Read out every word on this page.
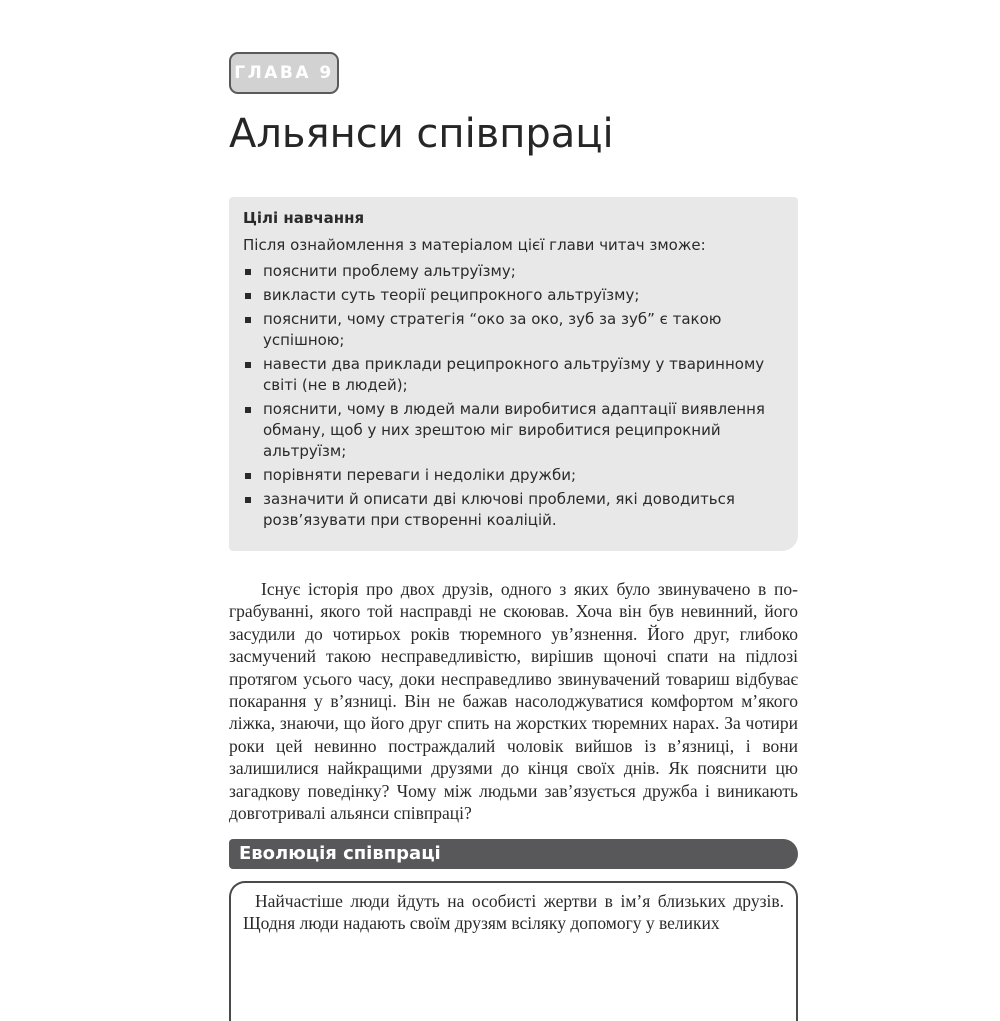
ГЛАВА 9
Альянси співпраці
Цілі навчання

Після ознайомлення з матеріалом цієї глави читач зможе:

пояснити проблему альтруїзму;
викласти суть теорії реципрокного альтруїзму;
пояснити, чому стратегія “око за око, зуб за зуб” є такою успішною;
навести два приклади реципрокного альтруїзму у тваринному світі (не в людей);
пояснити, чому в людей мали виробитися адаптації виявлення обману, щоб у них зрештою міг виробитися реципрокний альтруїзм;
порівняти переваги і недоліки дружби;
зазначити й описати дві ключові проблеми, які доводиться розв’язувати при створенні коаліцій.

Існує історія про двох друзів, одного з яких було звинувачено в пограбуванні, якого той насправді не скоював. Хоча він був невинний, його засудили до чотирьох років тюремного ув’язнення. Його друг, глибоко засмучений такою несправедливістю, вирішив щоночі спати на підлозі протягом усього часу, доки несправедливо звинувачений товариш відбуває покарання у в’язниці. Він не бажав насолоджуватися комфортом м’якого ліжка, знаючи, що його друг спить на жорстких тюремних нарах. За чотири роки цей невинно постраждалий чоловік вийшов із в’язниці, і вони залишилися найкращими друзями до кінця своїх днів. Як пояснити цю загадкову поведінку? Чому між людьми зав’язується дружба і виникають довготривалі альянси співпраці?

Еволюція співпраці

Найчастіше люди йдуть на особисті жертви в ім’я близьких друзів. Щодня люди надають своїм друзям всіляку допомогу у великих
